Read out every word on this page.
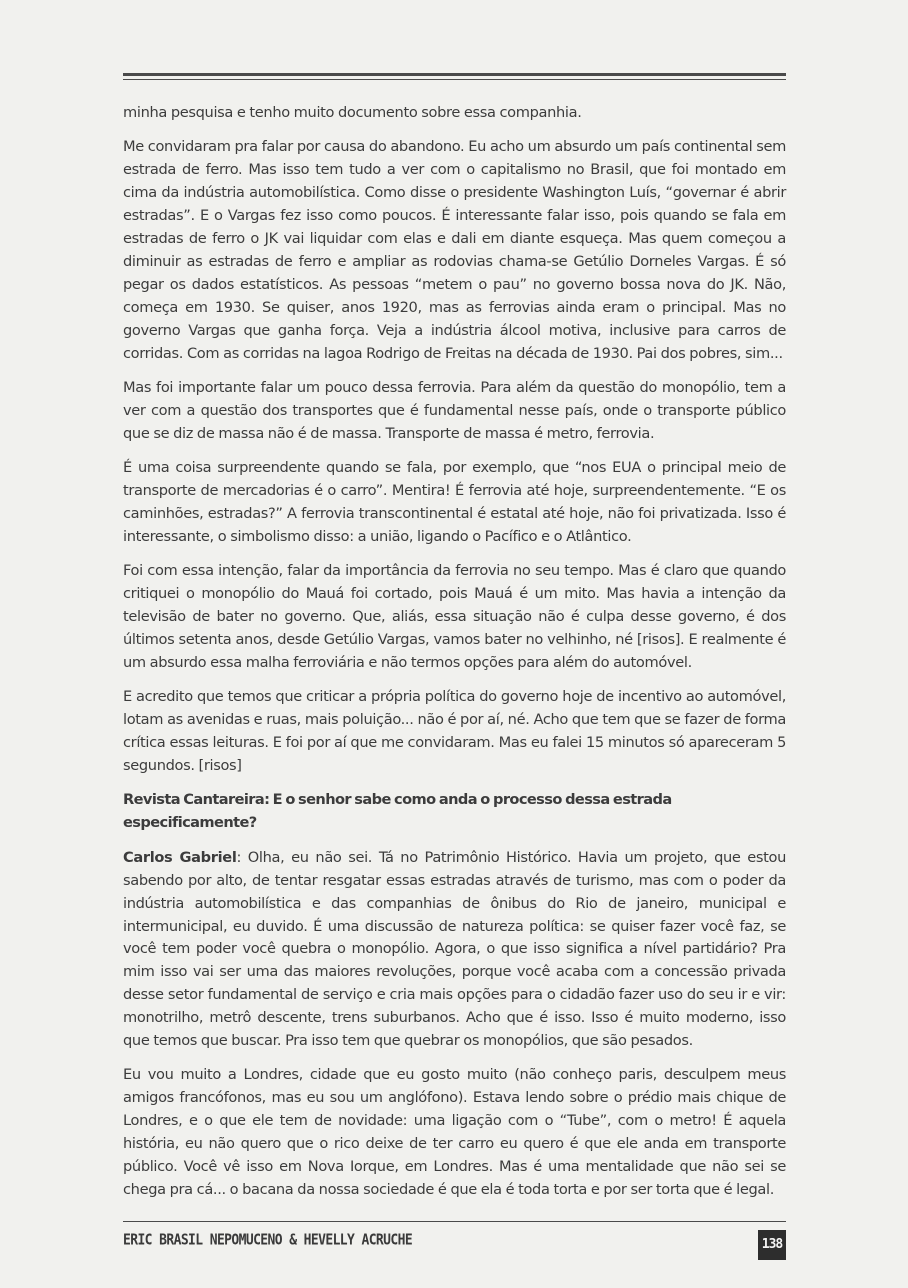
minha pesquisa e tenho muito documento sobre essa companhia.

Me convidaram pra falar por causa do abandono. Eu acho um absurdo um país continental sem estrada de ferro. Mas isso tem tudo a ver com o capitalismo no Brasil, que foi montado em cima da indústria automobilística. Como disse o presidente Washington Luís, “governar é abrir estradas”. E o Vargas fez isso como poucos. É interessante falar isso, pois quando se fala em estradas de ferro o JK vai liquidar com elas e dali em diante esqueça. Mas quem começou a diminuir as estradas de ferro e ampliar as rodovias chama-se Getúlio Dorneles Vargas. É só pegar os dados estatísticos. As pessoas “metem o pau” no governo bossa nova do JK. Não, começa em 1930. Se quiser, anos 1920, mas as ferrovias ainda eram o principal. Mas no governo Vargas que ganha força. Veja a indústria álcool motiva, inclusive para carros de corridas. Com as corridas na lagoa Rodrigo de Freitas na década de 1930. Pai dos pobres, sim...

Mas foi importante falar um pouco dessa ferrovia. Para além da questão do monopólio, tem a ver com a questão dos transportes que é fundamental nesse país, onde o transporte público que se diz de massa não é de massa. Transporte de massa é metro, ferrovia.

É uma coisa surpreendente quando se fala, por exemplo, que “nos EUA o principal meio de transporte de mercadorias é o carro”. Mentira! É ferrovia até hoje, surpreendentemente. “E os caminhões, estradas?” A ferrovia transcontinental é estatal até hoje, não foi privatizada. Isso é interessante, o simbolismo disso: a união, ligando o Pacífico e o Atlântico.

Foi com essa intenção, falar da importância da ferrovia no seu tempo. Mas é claro que quando critiquei o monopólio do Mauá foi cortado, pois Mauá é um mito. Mas havia a intenção da televisão de bater no governo. Que, aliás, essa situação não é culpa desse governo, é dos últimos setenta anos, desde Getúlio Vargas, vamos bater no velhinho, né [risos]. E realmente é um absurdo essa malha ferroviária e não termos opções para além do automóvel.

E acredito que temos que criticar a própria política do governo hoje de incentivo ao automóvel, lotam as avenidas e ruas, mais poluição... não é por aí, né. Acho que tem que se fazer de forma crítica essas leituras. E foi por aí que me convidaram. Mas eu falei 15 minutos só apareceram 5 segundos. [risos]

Revista Cantareira: E o senhor sabe como anda o processo dessa estrada especificamente?

Carlos Gabriel: Olha, eu não sei. Tá no Patrimônio Histórico. Havia um projeto, que estou sabendo por alto, de tentar resgatar essas estradas através de turismo, mas com o poder da indústria automobilística e das companhias de ônibus do Rio de janeiro, municipal e intermunicipal, eu duvido. É uma discussão de natureza política: se quiser fazer você faz, se você tem poder você quebra o monopólio. Agora, o que isso significa a nível partidário? Pra mim isso vai ser uma das maiores revoluções, porque você acaba com a concessão privada desse setor fundamental de serviço e cria mais opções para o cidadão fazer uso do seu ir e vir: monotrilho, metrô descente, trens suburbanos. Acho que é isso. Isso é muito moderno, isso que temos que buscar. Pra isso tem que quebrar os monopólios, que são pesados.

Eu vou muito a Londres, cidade que eu gosto muito (não conheço paris, desculpem meus amigos francófonos, mas eu sou um anglófono). Estava lendo sobre o prédio mais chique de Londres, e o que ele tem de novidade: uma ligação com o “Tube”, com o metro! É aquela história, eu não quero que o rico deixe de ter carro eu quero é que ele anda em transporte público. Você vê isso em Nova Iorque, em Londres. Mas é uma mentalidade que não sei se chega pra cá... o bacana da nossa sociedade é que ela é toda torta e por ser torta que é legal.

ERIC BRASIL NEPOMUCENO & HEVELLY ACRUCHE	138
